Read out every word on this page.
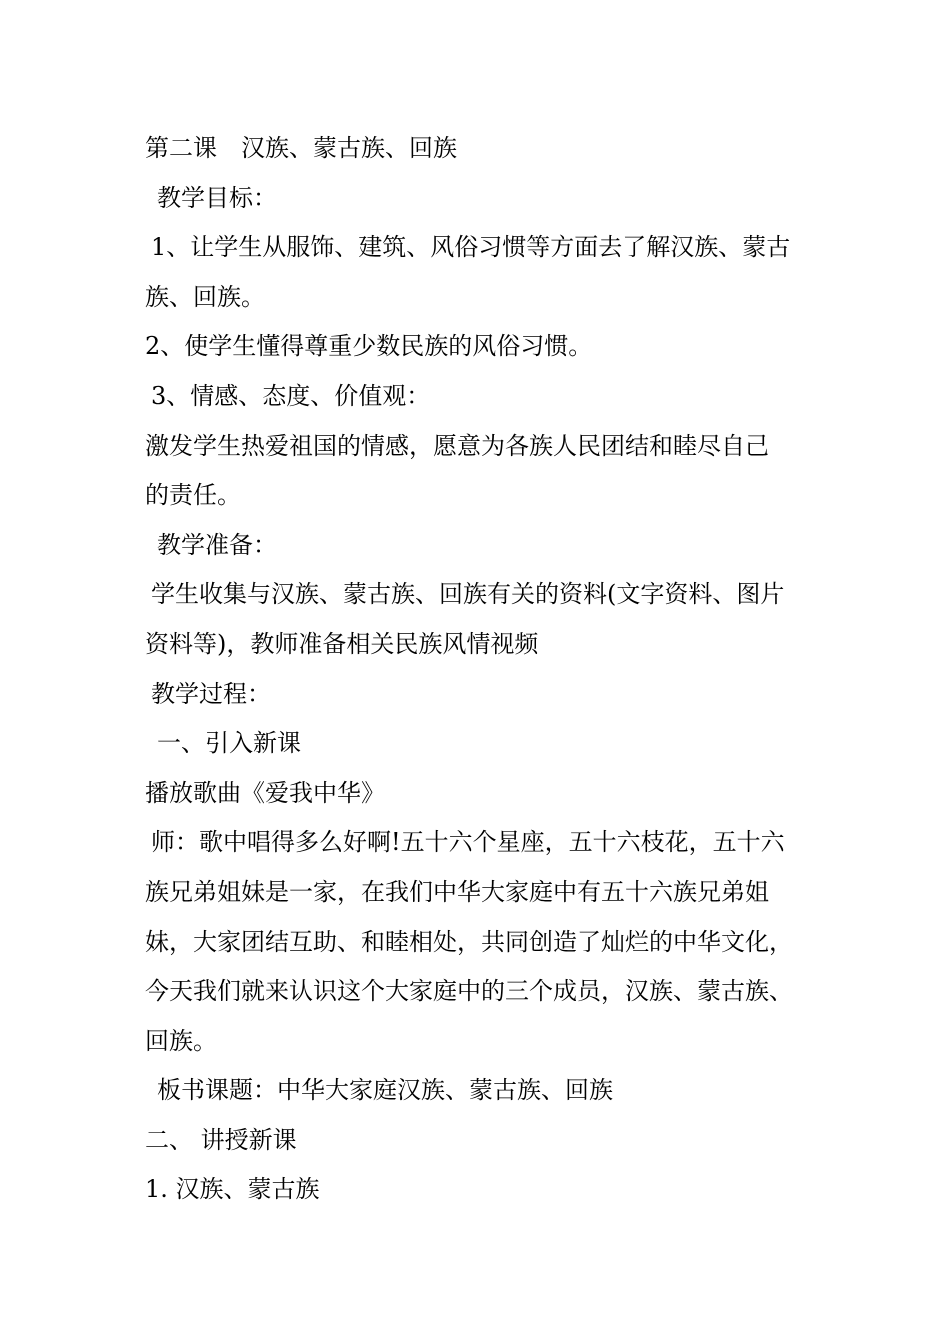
第二课　汉族、蒙古族、回族
教学目标：
1、让学生从服饰、建筑、风俗习惯等方面去了解汉族、蒙古
族、回族。
2、使学生懂得尊重少数民族的风俗习惯。
3、情感、态度、价值观：
激发学生热爱祖国的情感，愿意为各族人民团结和睦尽自己
的责任。
教学准备：
学生收集与汉族、蒙古族、回族有关的资料(文字资料、图片
资料等)，教师准备相关民族风情视频
教学过程：
一、引入新课
播放歌曲《爱我中华》
师：歌中唱得多么好啊!五十六个星座，五十六枝花，五十六
族兄弟姐妹是一家，在我们中华大家庭中有五十六族兄弟姐
妹，大家团结互助、和睦相处，共同创造了灿烂的中华文化，
今天我们就来认识这个大家庭中的三个成员，汉族、蒙古族、
回族。
板书课题：中华大家庭汉族、蒙古族、回族
二、 讲授新课
1. 汉族、蒙古族
